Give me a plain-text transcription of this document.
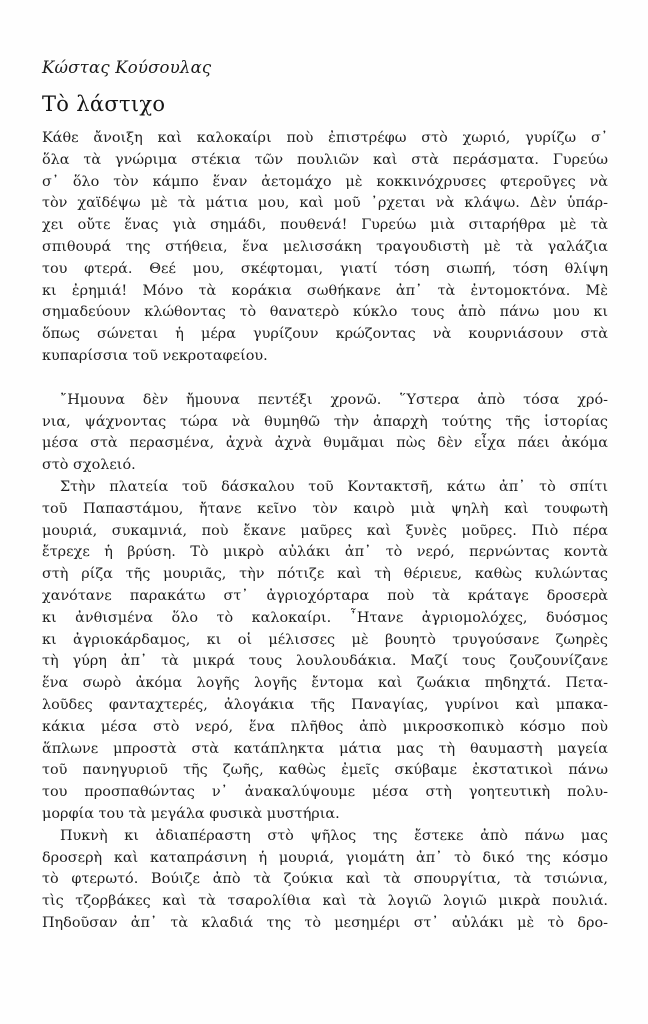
Κώστας Κούσουλας
Τὸ λάστιχο
Κάθε ἄνοιξη καὶ καλοκαίρι ποὺ ἐπιστρέφω στὸ χωριό, γυρίζω σ᾿
ὅλα τὰ γνώριμα στέκια τῶν πουλιῶν καὶ στὰ περάσματα. Γυρεύω
σ᾿ ὅλο τὸν κάμπο ἕναν ἀετομάχο μὲ κοκκινόχρυσες φτεροῦγες νὰ
τὸν χαϊδέψω μὲ τὰ μάτια μου, καὶ μοῦ ᾿ρχεται νὰ κλάψω. Δὲν ὑπάρ-
χει οὔτε ἕνας γιὰ σημάδι, πουθενά! Γυρεύω μιὰ σιταρήθρα μὲ τὰ
σπιθουρά της στήθεια, ἕνα μελισσάκη τραγουδιστὴ μὲ τὰ γαλάζια
του φτερά. Θεέ μου, σκέφτομαι, γιατί τόση σιωπή, τόση θλίψη
κι ἐρημιά! Μόνο τὰ κοράκια σωθήκανε ἀπ᾿ τὰ ἐντομοκτόνα. Μὲ
σημαδεύουν κλώθοντας τὸ θανατερὸ κύκλο τους ἀπὸ πάνω μου κι
ὅπως σώνεται ἡ μέρα γυρίζουν κρώζοντας νὰ κουρνιάσουν στὰ
κυπαρίσσια τοῦ νεκροταφείου.
῎Ημουνα δὲν ἤμουνα πεντέξι χρονῶ. ῞Υστερα ἀπὸ τόσα χρό-
νια, ψάχνοντας τώρα νὰ θυμηθῶ τὴν ἀπαρχὴ τούτης τῆς ἱστορίας
μέσα στὰ περασμένα, ἀχνὰ ἀχνὰ θυμᾶμαι πὼς δὲν εἶχα πάει ἀκόμα
στὸ σχολειό.
Στὴν πλατεία τοῦ δάσκαλου τοῦ Κοντακτσῆ, κάτω ἀπ᾿ τὸ σπίτι
τοῦ Παπαστάμου, ἤτανε κεῖνο τὸν καιρὸ μιὰ ψηλὴ καὶ τουφωτὴ
μουριά, συκαμνιά, ποὺ ἔκανε μαῦρες καὶ ξυνὲς μοῦρες. Πιὸ πέρα
ἔτρεχε ἡ βρύση. Τὸ μικρὸ αὐλάκι ἀπ᾿ τὸ νερό, περνώντας κοντὰ
στὴ ρίζα τῆς μουριᾶς, τὴν πότιζε καὶ τὴ θέριευε, καθὼς κυλώντας
χανότανε παρακάτω στ᾿ ἀγριοχόρταρα ποὺ τὰ κράταγε δροσερὰ
κι ἀνθισμένα ὅλο τὸ καλοκαίρι. ῏Ητανε ἀγριομολόχες, δυόσμος
κι ἀγριοκάρδαμος, κι οἱ μέλισσες μὲ βουητὸ τρυγούσανε ζωηρὲς
τὴ γύρη ἀπ᾿ τὰ μικρά τους λουλουδάκια. Μαζί τους ζουζουνίζανε
ἕνα σωρὸ ἀκόμα λογῆς λογῆς ἔντομα καὶ ζωάκια πηδηχτά. Πετα-
λοῦδες φανταχτερές, ἀλογάκια τῆς Παναγίας, γυρίνοι καὶ μπακα-
κάκια μέσα στὸ νερό, ἕνα πλῆθος ἀπὸ μικροσκοπικὸ κόσμο ποὺ
ἅπλωνε μπροστὰ στὰ κατάπληκτα μάτια μας τὴ θαυμαστὴ μαγεία
τοῦ πανηγυριοῦ τῆς ζωῆς, καθὼς ἐμεῖς σκύβαμε ἐκστατικοὶ πάνω
του προσπαθώντας ν᾿ ἀνακαλύψουμε μέσα στὴ γοητευτικὴ πολυ-
μορφία του τὰ μεγάλα φυσικὰ μυστήρια.
Πυκνὴ κι ἀδιαπέραστη στὸ ψῆλος της ἔστεκε ἀπὸ πάνω μας
δροσερὴ καὶ καταπράσινη ἡ μουριά, γιομάτη ἀπ᾿ τὸ δικό της κόσμο
τὸ φτερωτό. Βούιζε ἀπὸ τὰ ζούκια καὶ τὰ σπουργίτια, τὰ τσιώνια,
τὶς τζορβάκες καὶ τὰ τσαρολίθια καὶ τὰ λογιῶ λογιῶ μικρὰ πουλιά.
Πηδοῦσαν ἀπ᾿ τὰ κλαδιά της τὸ μεσημέρι στ᾿ αὐλάκι μὲ τὸ δρο-
